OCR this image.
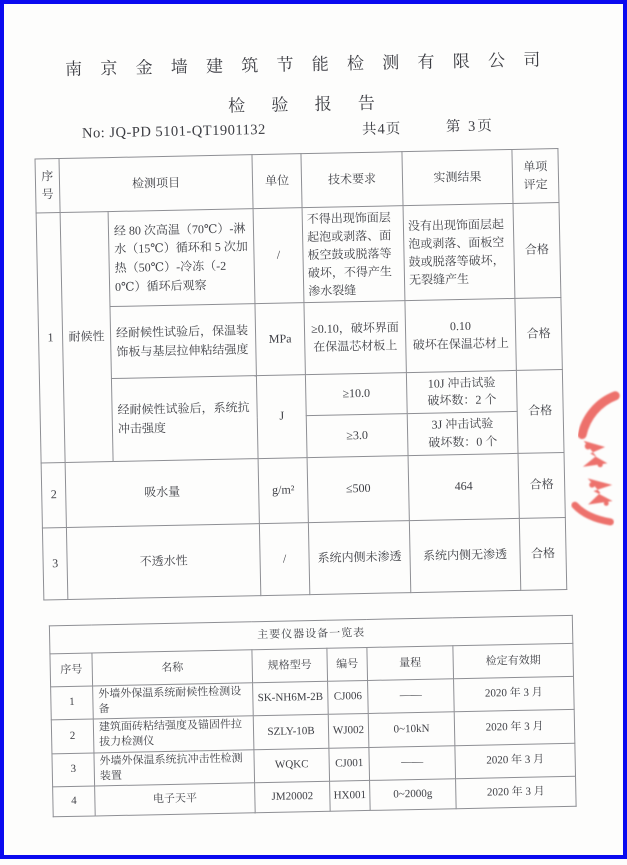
南 京 金 墙 建 筑 节 能 检 测 有 限 公 司
检 验 报 告
No: JQ-PD 5101-QT1901132	共4页	第 3页
序号	检测项目		单位	技术要求	实测结果	单项评定
1	耐候性	经 80 次高温（70℃）-淋水（15℃）循环和 5 次加热（50℃）-冷冻（-20℃）循环后观察	/	不得出现饰面层起泡或剥落、面板空鼓或脱落等破坏，不得产生渗水裂缝	没有出现饰面层起泡或剥落、面板空鼓或脱落等破坏，无裂缝产生	合格
		经耐候性试验后，保温装饰板与基层拉伸粘结强度	MPa	≥0.10，破坏界面在保温芯材板上	0.10
破坏在保温芯材上	合格
		经耐候性试验后，系统抗冲击强度	J	≥10.0	10J 冲击试验
破坏数：2 个	合格
				≥3.0	3J 冲击试验
破坏数：0 个	

2	吸水量		g/m²	≤500	464	合格
3	不透水性		/	系统内侧未渗透	系统内侧无渗透	合格
主要仪器设备一览表					
序号	名称	规格型号	编号	量程	检定有效期
1	外墙外保温系统耐候性检测设备	SK-NH6M-2B	CJ006	——	2020 年 3 月
2	建筑面砖粘结强度及锚固件拉拔力检测仪	SZLY-10B	WJ002	0~10kN	2020 年 3 月
3	外墙外保温系统抗冲击性检测装置	WQKC	CJ001	——	2020 年 3 月
4	电子天平	JM20002	HX001	0~2000g	2020 年 3 月
